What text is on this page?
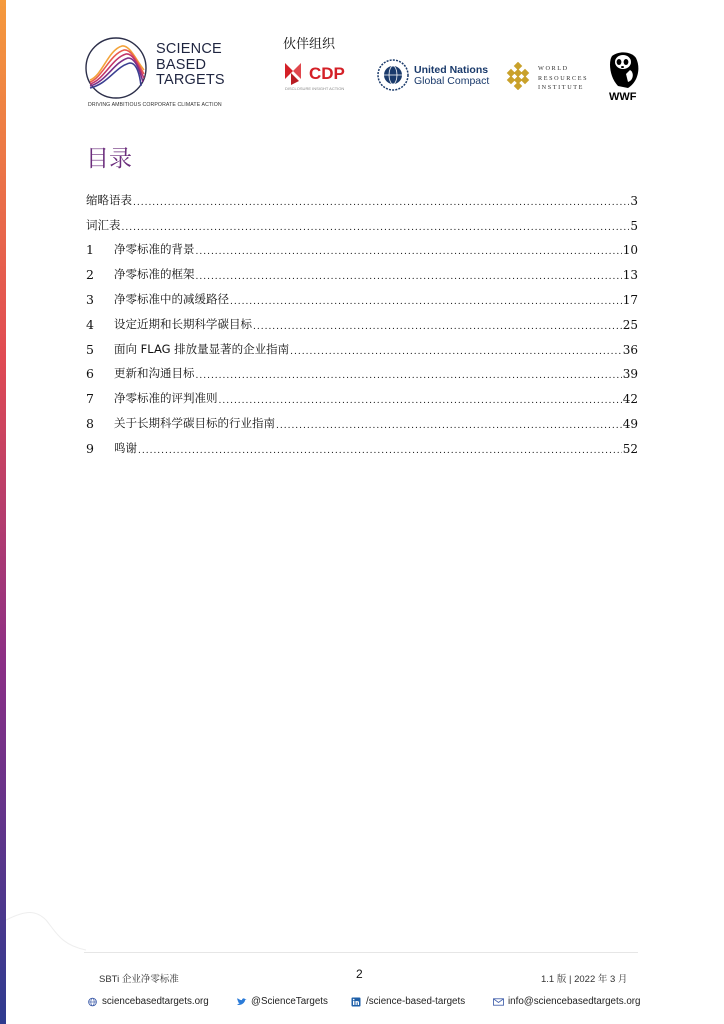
SCIENCE
BASED
TARGETS
DRIVING AMBITIOUS CORPORATE CLIMATE ACTION
伙伴组织
CDP
DISCLOSURE INSIGHT ACTION
United Nations
Global Compact
WORLD
RESOURCES
INSTITUTE
WWF
目录
缩略语表 .....	3
词汇表 .....	5
1	净零标准的背景 .....	10
2	净零标准的框架 .....	13
3	净零标准中的减缓路径 .....	17
4	设定近期和长期科学碳目标 .....	25
5	面向 FLAG 排放量显著的企业指南 .....	36
6	更新和沟通目标 .....	39
7	净零标准的评判准则 .....	42
8	关于长期科学碳目标的行业指南 .....	49
9	鸣谢 .....	52
SBTi 企业净零标准	2	1.1 版 | 2022 年 3 月
sciencebasedtargets.org	@ScienceTargets	/science-based-targets	info@sciencebasedtargets.org
